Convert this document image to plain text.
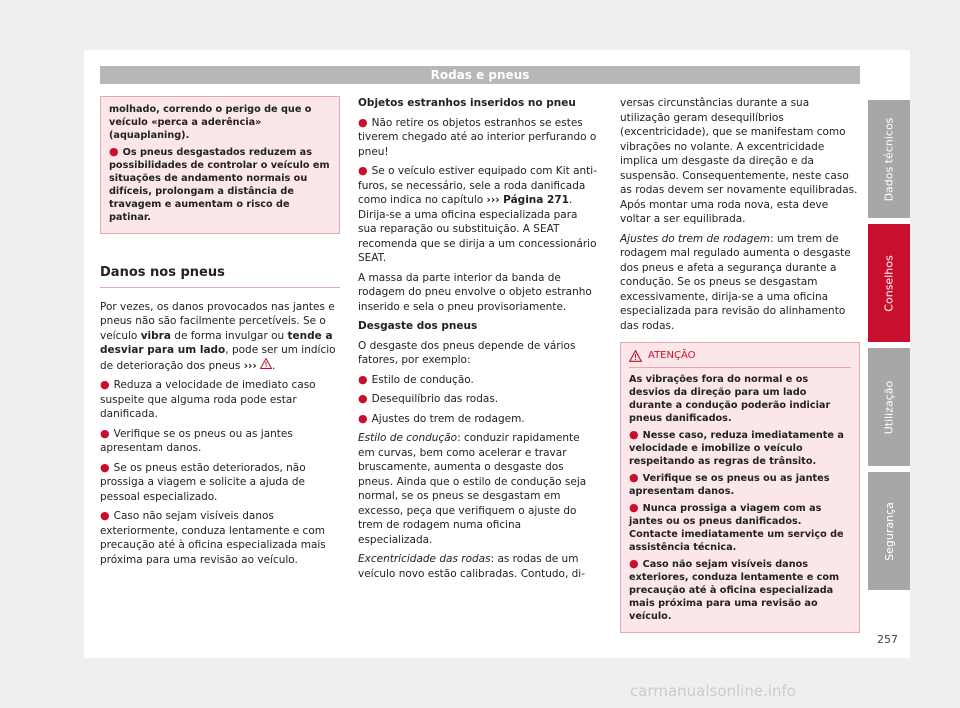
Rodas e pneus
Dados técnicos
Conselhos
Utilização
Segurança

molhado, correndo o perigo de que o veículo «perca a aderência» (aquaplaning).

● Os pneus desgastados reduzem as possibilidades de controlar o veículo em situações de andamento normais ou difíceis, prolongam a distância de travagem e aumentam o risco de patinar.

Danos nos pneus

Por vezes, os danos provocados nas jantes e pneus não são facilmente percetíveis. Se o veículo vibra de forma invulgar ou tende a desviar para um lado, pode ser um indício de deterioração dos pneus ››› .

● Reduza a velocidade de imediato caso suspeite que alguma roda pode estar danificada.

● Verifique se os pneus ou as jantes apresentam danos.

● Se os pneus estão deteriorados, não prossiga a viagem e solicite a ajuda de pessoal especializado.

● Caso não sejam visíveis danos exteriormente, conduza lentamente e com precaução até à oficina especializada mais próxima para uma revisão ao veículo.

Objetos estranhos inseridos no pneu

● Não retire os objetos estranhos se estes tiverem chegado até ao interior perfurando o pneu!

● Se o veículo estiver equipado com Kit anti-furos, se necessário, sele a roda danificada como indica no capítulo ››› Página 271. Dirija-se a uma oficina especializada para sua reparação ou substituição. A SEAT recomenda que se dirija a um concessionário SEAT.

A massa da parte interior da banda de rodagem do pneu envolve o objeto estranho inserido e sela o pneu provisoriamente.

Desgaste dos pneus

O desgaste dos pneus depende de vários fatores, por exemplo:

● Estilo de condução.

● Desequilíbrio das rodas.

● Ajustes do trem de rodagem.

Estilo de condução: conduzir rapidamente em curvas, bem como acelerar e travar bruscamente, aumenta o desgaste dos pneus. Ainda que o estilo de condução seja normal, se os pneus se desgastam em excesso, peça que verifiquem o ajuste do trem de rodagem numa oficina especializada.

Excentricidade das rodas: as rodas de um veículo novo estão calibradas. Contudo, di-

versas circunstâncias durante a sua utilização geram desequilíbrios (excentricidade), que se manifestam como vibrações no volante. A excentricidade implica um desgaste da direção e da suspensão. Consequentemente, neste caso as rodas devem ser novamente equilibradas. Após montar uma roda nova, esta deve voltar a ser equilibrada.

Ajustes do trem de rodagem: um trem de rodagem mal regulado aumenta o desgaste dos pneus e afeta a segurança durante a condução. Se os pneus se desgastam excessivamente, dirija-se a uma oficina especializada para revisão do alinhamento das rodas.

ATENÇÃO

As vibrações fora do normal e os desvios da direção para um lado durante a condução poderão indiciar pneus danificados.

● Nesse caso, reduza imediatamente a velocidade e imobilize o veículo respeitando as regras de trânsito.

● Verifique se os pneus ou as jantes apresentam danos.

● Nunca prossiga a viagem com as jantes ou os pneus danificados. Contacte imediatamente um serviço de assistência técnica.

● Caso não sejam visíveis danos exteriores, conduza lentamente e com precaução até à oficina especializada mais próxima para uma revisão ao veículo.

257
carmanualsonline.info
